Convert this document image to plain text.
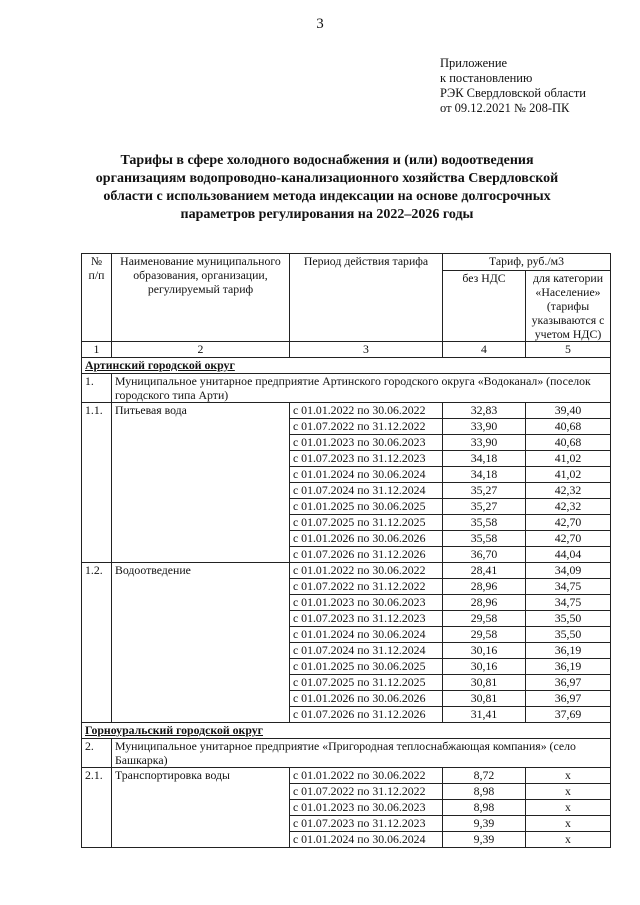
3
Приложение
к постановлению
РЭК Свердловской области
от 09.12.2021 № 208-ПК
Тарифы в сфере холодного водоснабжения и (или) водоотведения
организациям водопроводно-канализационного хозяйства Свердловской
области с использованием метода индексации на основе долгосрочных
параметров регулирования на 2022–2026 годы
№ п/п	Наименование муниципального образования, организации, регулируемый тариф	Период действия тарифа	Тариф, руб./м3	
			без НДС	для категории «Население» (тарифы указываются с учетом НДС)
1	2	3	4	5
Артинский городской округ				
1.	Муниципальное унитарное предприятие Артинского городского округа «Водоканал» (поселок городского типа Арти)			
1.1.	Питьевая вода	с 01.01.2022 по 30.06.2022	32,83	39,40
		с 01.07.2022 по 31.12.2022	33,90	40,68
		с 01.01.2023 по 30.06.2023	33,90	40,68
		с 01.07.2023 по 31.12.2023	34,18	41,02
		с 01.01.2024 по 30.06.2024	34,18	41,02
		с 01.07.2024 по 31.12.2024	35,27	42,32
		с 01.01.2025 по 30.06.2025	35,27	42,32
		с 01.07.2025 по 31.12.2025	35,58	42,70
		с 01.01.2026 по 30.06.2026	35,58	42,70
		с 01.07.2026 по 31.12.2026	36,70	44,04
1.2.	Водоотведение	с 01.01.2022 по 30.06.2022	28,41	34,09
		с 01.07.2022 по 31.12.2022	28,96	34,75
		с 01.01.2023 по 30.06.2023	28,96	34,75
		с 01.07.2023 по 31.12.2023	29,58	35,50
		с 01.01.2024 по 30.06.2024	29,58	35,50
		с 01.07.2024 по 31.12.2024	30,16	36,19
		с 01.01.2025 по 30.06.2025	30,16	36,19
		с 01.07.2025 по 31.12.2025	30,81	36,97
		с 01.01.2026 по 30.06.2026	30,81	36,97
		с 01.07.2026 по 31.12.2026	31,41	37,69
Горноуральский городской округ				
2.	Муниципальное унитарное предприятие «Пригородная теплоснабжающая компания» (село Башкарка)			
2.1.	Транспортировка воды	с 01.01.2022 по 30.06.2022	8,72	х
		с 01.07.2022 по 31.12.2022	8,98	х
		с 01.01.2023 по 30.06.2023	8,98	х
		с 01.07.2023 по 31.12.2023	9,39	х
		с 01.01.2024 по 30.06.2024	9,39	х
